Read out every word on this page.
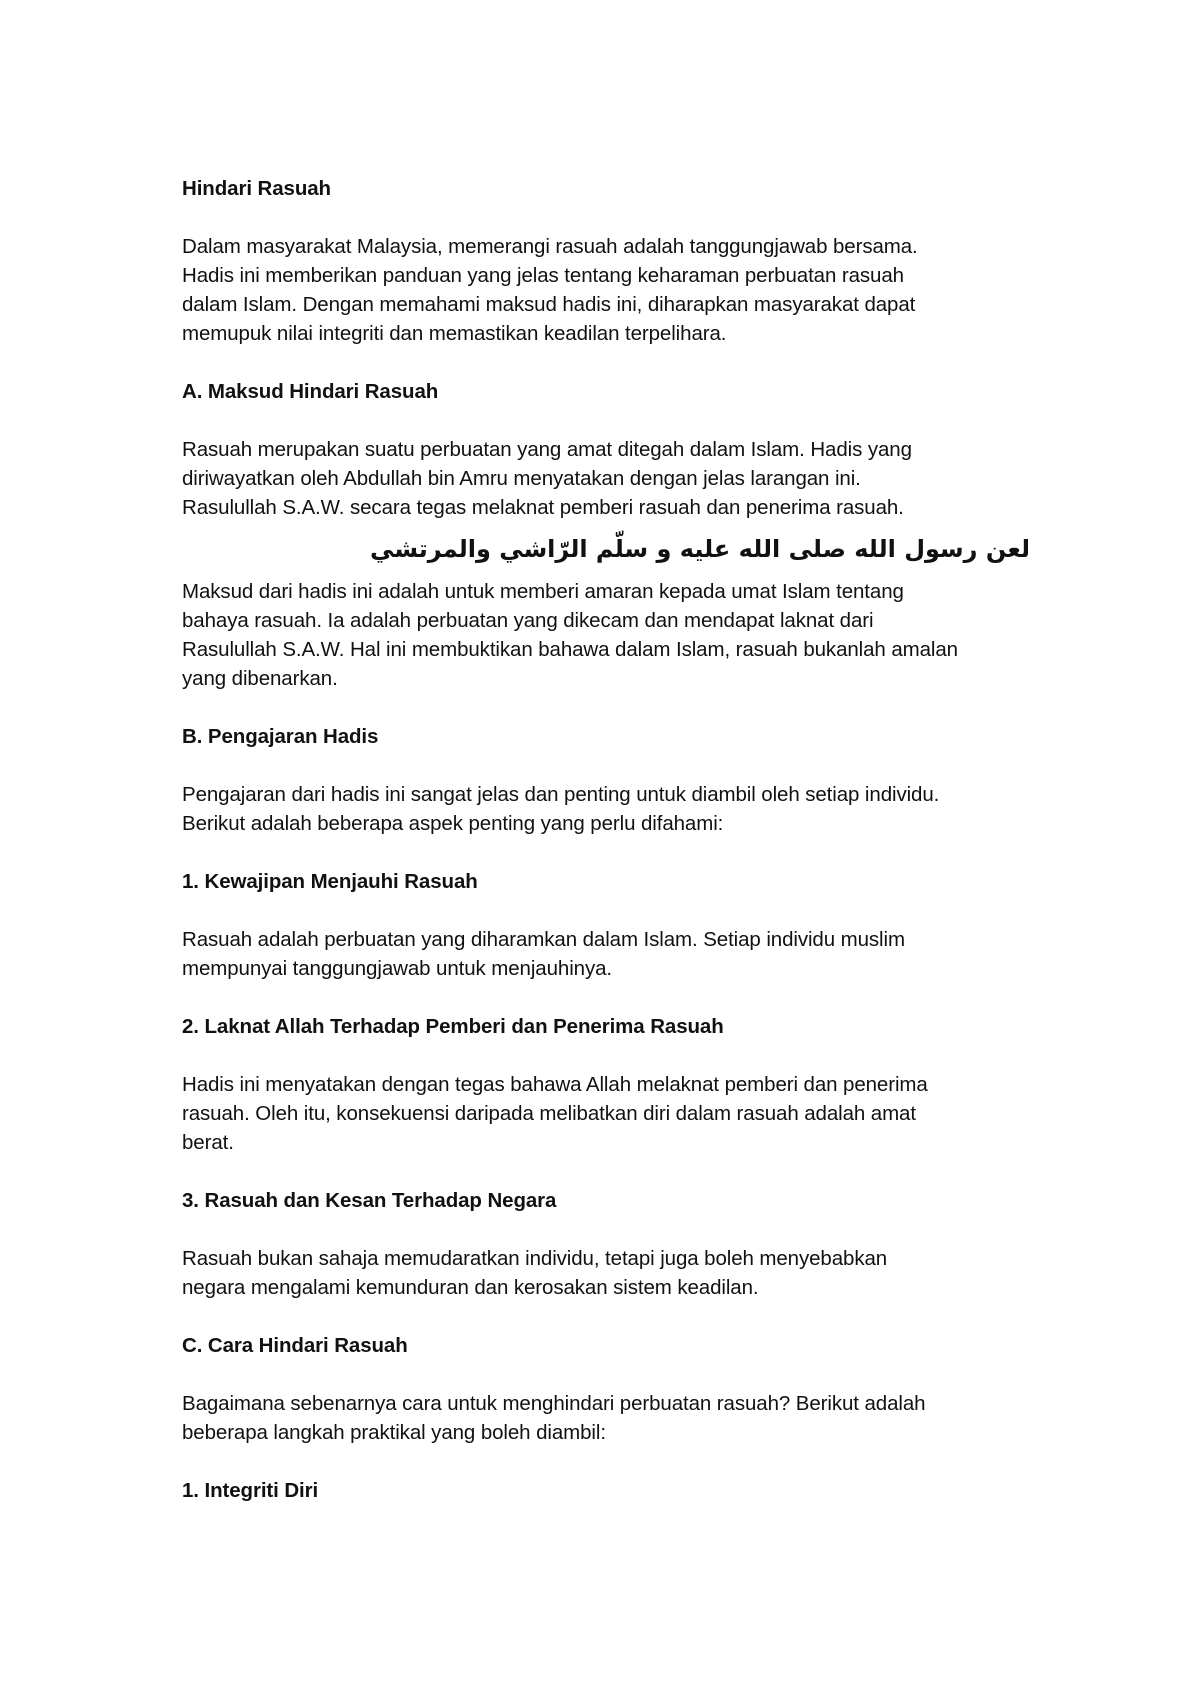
Hindari Rasuah
Dalam masyarakat Malaysia, memerangi rasuah adalah tanggungjawab bersama.
Hadis ini memberikan panduan yang jelas tentang keharaman perbuatan rasuah
dalam Islam. Dengan memahami maksud hadis ini, diharapkan masyarakat dapat
memupuk nilai integriti dan memastikan keadilan terpelihara.
A. Maksud Hindari Rasuah
Rasuah merupakan suatu perbuatan yang amat ditegah dalam Islam. Hadis yang
diriwayatkan oleh Abdullah bin Amru menyatakan dengan jelas larangan ini.
Rasulullah S.A.W. secara tegas melaknat pemberi rasuah dan penerima rasuah.
لعن رسول الله صلى الله عليه و سلّم الرّاشي والمرتشي
Maksud dari hadis ini adalah untuk memberi amaran kepada umat Islam tentang
bahaya rasuah. Ia adalah perbuatan yang dikecam dan mendapat laknat dari
Rasulullah S.A.W. Hal ini membuktikan bahawa dalam Islam, rasuah bukanlah amalan
yang dibenarkan.
B. Pengajaran Hadis
Pengajaran dari hadis ini sangat jelas dan penting untuk diambil oleh setiap individu.
Berikut adalah beberapa aspek penting yang perlu difahami:
1. Kewajipan Menjauhi Rasuah
Rasuah adalah perbuatan yang diharamkan dalam Islam. Setiap individu muslim
mempunyai tanggungjawab untuk menjauhinya.
2. Laknat Allah Terhadap Pemberi dan Penerima Rasuah
Hadis ini menyatakan dengan tegas bahawa Allah melaknat pemberi dan penerima
rasuah. Oleh itu, konsekuensi daripada melibatkan diri dalam rasuah adalah amat
berat.
3. Rasuah dan Kesan Terhadap Negara
Rasuah bukan sahaja memudaratkan individu, tetapi juga boleh menyebabkan
negara mengalami kemunduran dan kerosakan sistem keadilan.
C. Cara Hindari Rasuah
Bagaimana sebenarnya cara untuk menghindari perbuatan rasuah? Berikut adalah
beberapa langkah praktikal yang boleh diambil:
1. Integriti Diri
